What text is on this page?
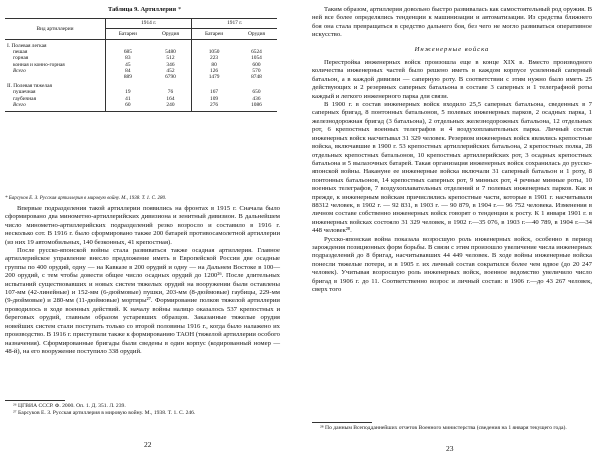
Таблица 9. Артиллерия *
Вид артиллерии	1914 г.		1917 г.	
	Батареи	Орудия	Батареи	Орудия
I. Полевая легкая				
пешая	685	5480	1050	6524
горная	83	512	223	1054
конная и конно-горная	45	346	80	600
Всего	84	452	126	570
	889	6790	1479	8748
II. Полевая тяжелая				
пушечная	19	76	167	650
гаубичная	41	164	109	436
Всего	60	240	276	1086
* Барсуков Е. З. Русская артиллерия в мировую войну. М., 1938. Т. 1. С. 280.

Впервые подразделения такой артиллерии появились на фронтах в 1915 г. Сначала было сформировано два минометно-артиллерийских дивизиона и зенитный дивизион. В дальнейшем число минометно-артиллерийских подразделений резко возросло и составило в 1916 г. несколько сот. В 1916 г. было сформировано также 200 батарей противосамолетной артиллерии (из них 19 автомобильных, 140 безконных, 41 крепостная).

После русско-японской войны стала развиваться также осадная артиллерия. Главное артиллерийское управление внесло предложение иметь в Европейской России две осадные группы по 400 орудий, одну — на Кавказе в 200 орудий и одну — на Дальнем Востоке в 100—200 орудий, с тем чтобы довести общее число осадных орудий до 1200²⁶. После длительных испытаний существовавших и новых систем тяжелых орудий на вооружении были оставлены 107-мм (42-линейные) и 152-мм (6-дюймовые) пушки, 203-мм (8-дюймовые) гаубицы, 229-мм (9-дюймовые) и 280-мм (11-дюймовые) мортиры²⁷. Формирование полков тяжелой артиллерии проводилось в ходе военных действий. К началу войны налицо оказалось 537 крепостных и береговых орудий, главным образом устаревших образцов. Заказанные тяжелые орудия новейших систем стали поступать только со второй половины 1916 г., когда было налажено их производство. В 1916 г. приступили также к формированию ТАОН (тяжелой артиллерии особого назначения). Сформированные бригады были сведены в один корпус (кодированный номер — 48-й), на его вооружение поступило 338 орудий.

²⁶ ЦГВИА СССР. Ф. 2000. Оп. 1. Д. 351. Л. 239.
²⁷ Барсуков Е. З. Русская артиллерия в мировую войну. М., 1938. Т. 1. С. 246.
22

Таким образом, артиллерия довольно быстро развивалась как самостоятельный род оружия. В ней все более определялись тенденции к машинизации и автоматизации. Из средства ближнего боя она стала превращаться в средство дальнего боя, без чего не могло развиваться оперативное искусство.

Инженерные войска

Перестройка инженерных войск произошла еще в конце XIX в. Вместо производного количества инженерных частей было решено иметь в каждом корпусе усиленный саперный батальон, а в каждой дивизии — саперную роту. В соответствии с этим нужно было иметь 25 действующих и 2 резервных саперных батальона в составе 3 саперных и 1 телеграфной роты каждый и легкого инженерного парка для связи.

В 1900 г. в состав инженерных войск входило 25,5 саперных батальона, сведенных в 7 саперных бригад, 8 понтонных батальонов, 5 полевых инженерных парков, 2 осадных парка, 1 железнодорожная бригад (3 батальона), 2 отдельных железнодорожных батальона, 12 отдельных рот, 6 крепостных военных телеграфов и 4 воздухоплавательных парка. Личный состав инженерных войск насчитывал 31 329 человек. Резервом инженерных войск являлись крепостные войска, включавшие в 1900 г. 53 крепостных артиллерийских батальона, 2 крепостных полка, 28 отдельных крепостных батальонов, 10 крепостных артиллерийских рот, 3 осадных крепостных батальона и 5 вылазочных батарей. Такая организация инженерных войск сохранилась до русско-японской войны. Накануне ее инженерные войска включали 31 саперный батальон и 1 роту, 8 понтонных батальонов, 14 крепостных саперных рот, 9 минных рот, 4 речные минные роты, 10 военных телеграфов, 7 воздухоплавательных отделений и 7 полевых инженерных парков. Как и прежде, к инженерным войскам причислялись крепостные части, которые в 1901 г. насчитывали 88312 человек, в 1902 г. — 92 831, в 1903 г. — 90 879, в 1904 г.— 96 752 человека. Изменения в личном составе собственно инженерных войск говорят о тенденции к росту. К 1 января 1901 г. в инженерных войсках состояло 31 329 человек, в 1902 г.—35 076, в 1903 г.—40 789, в 1904 г.—34 448 человек²⁸.

Русско-японская война показала возросшую роль инженерных войск, особенно в период зарождения позиционных форм борьбы. В связи с этим произошло увеличение числа инженерных подразделений до 8 бригад, насчитывавших 44 449 человек. В ходе войны инженерные войска понесли тяжелые потери, и в 1905 г. их личный состав сократился более чем вдвое (до 20 247 человек). Учитывая возросшую роль инженерных войск, военное ведомство увеличило число бригад в 1906 г. до 11. Соответственно возрос и личный состав: в 1906 г.—до 43 267 человек, сверх того

²⁸ По данным Всеподданнейших отчетов Военного министерства (сведения на 1 января текущего года).
23
